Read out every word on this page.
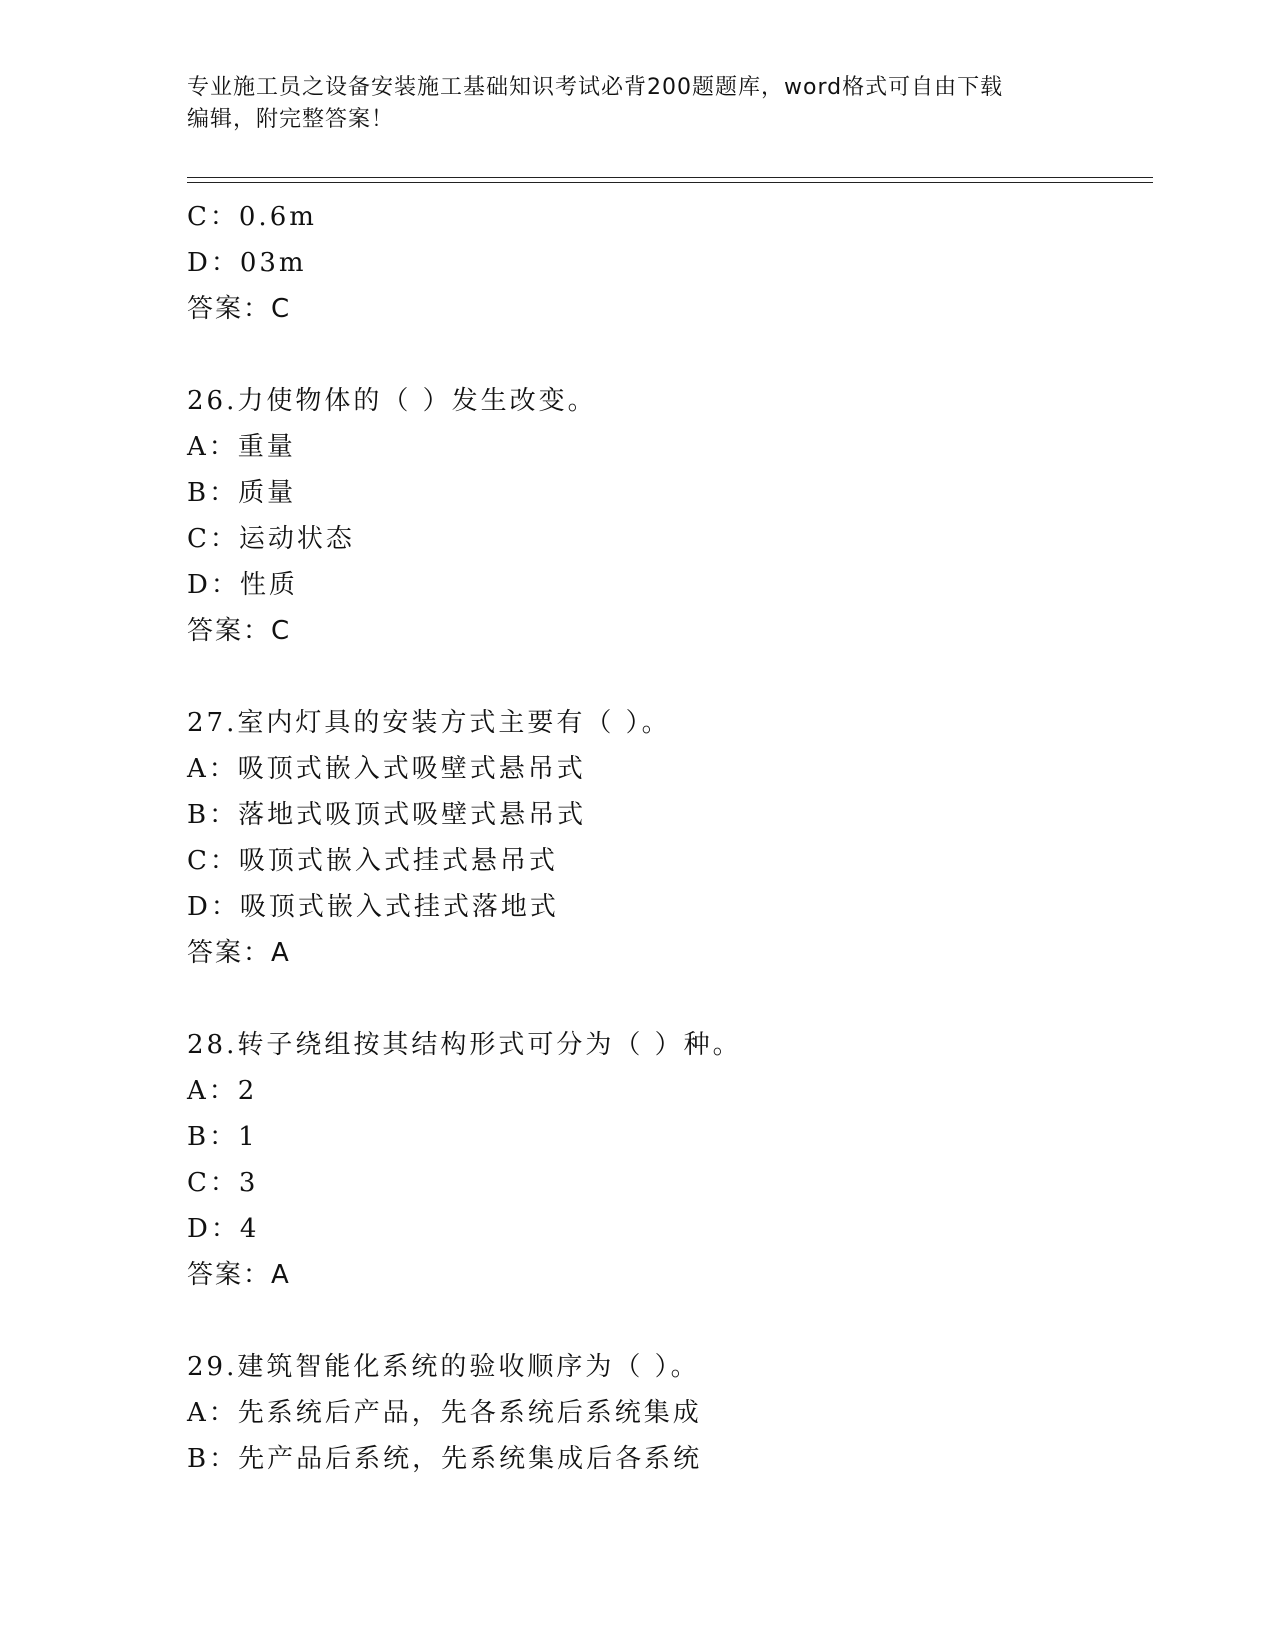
专业施工员之设备安装施工基础知识考试必背200题题库，word格式可自由下载
编辑，附完整答案！
C：0.6m
D：03m
答案：C
26.力使物体的（ ）发生改变。
A：重量
B：质量
C：运动状态
D：性质
答案：C
27.室内灯具的安装方式主要有（ ）。
A：吸顶式嵌入式吸壁式悬吊式
B：落地式吸顶式吸壁式悬吊式
C：吸顶式嵌入式挂式悬吊式
D：吸顶式嵌入式挂式落地式
答案：A
28.转子绕组按其结构形式可分为（ ）种。
A：2
B：1
C：3
D：4
答案：A
29.建筑智能化系统的验收顺序为（ ）。
A：先系统后产品，先各系统后系统集成
B：先产品后系统，先系统集成后各系统
